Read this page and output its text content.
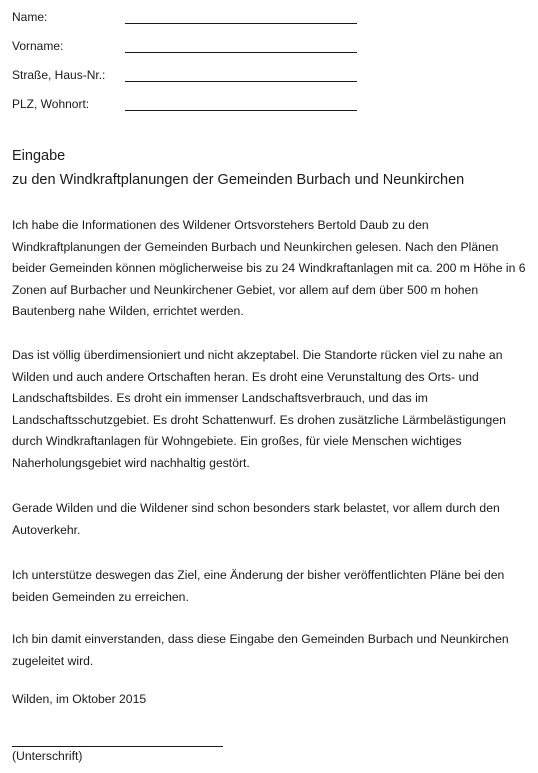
Name:
Vorname:
Straße, Haus-Nr.:
PLZ, Wohnort:
Eingabe
zu den Windkraftplanungen der Gemeinden Burbach und Neunkirchen

Ich habe die Informationen des Wildener Ortsvorstehers Bertold Daub zu den Windkraftplanungen der Gemeinden Burbach und Neunkirchen gelesen. Nach den Plänen beider Gemeinden können möglicherweise bis zu 24 Windkraftanlagen mit ca. 200 m Höhe in 6 Zonen auf Burbacher und Neunkirchener Gebiet, vor allem auf dem über 500 m hohen Bautenberg nahe Wilden, errichtet werden.

Das ist völlig überdimensioniert und nicht akzeptabel. Die Standorte rücken viel zu nahe an Wilden und auch andere Ortschaften heran. Es droht eine Verunstaltung des Orts- und Landschaftsbildes. Es droht ein immenser Landschaftsverbrauch, und das im Landschaftsschutzgebiet. Es droht Schattenwurf. Es drohen zusätzliche Lärmbelästigungen durch Windkraftanlagen für Wohngebiete. Ein großes, für viele Menschen wichtiges Naherholungsgebiet wird nachhaltig gestört.

Gerade Wilden und die Wildener sind schon besonders stark belastet, vor allem durch den Autoverkehr.

Ich unterstütze deswegen das Ziel, eine Änderung der bisher veröffentlichten Pläne bei den beiden Gemeinden zu erreichen.

Ich bin damit einverstanden, dass diese Eingabe den Gemeinden Burbach und Neunkirchen zugeleitet wird.

Wilden, im Oktober 2015
(Unterschrift)
